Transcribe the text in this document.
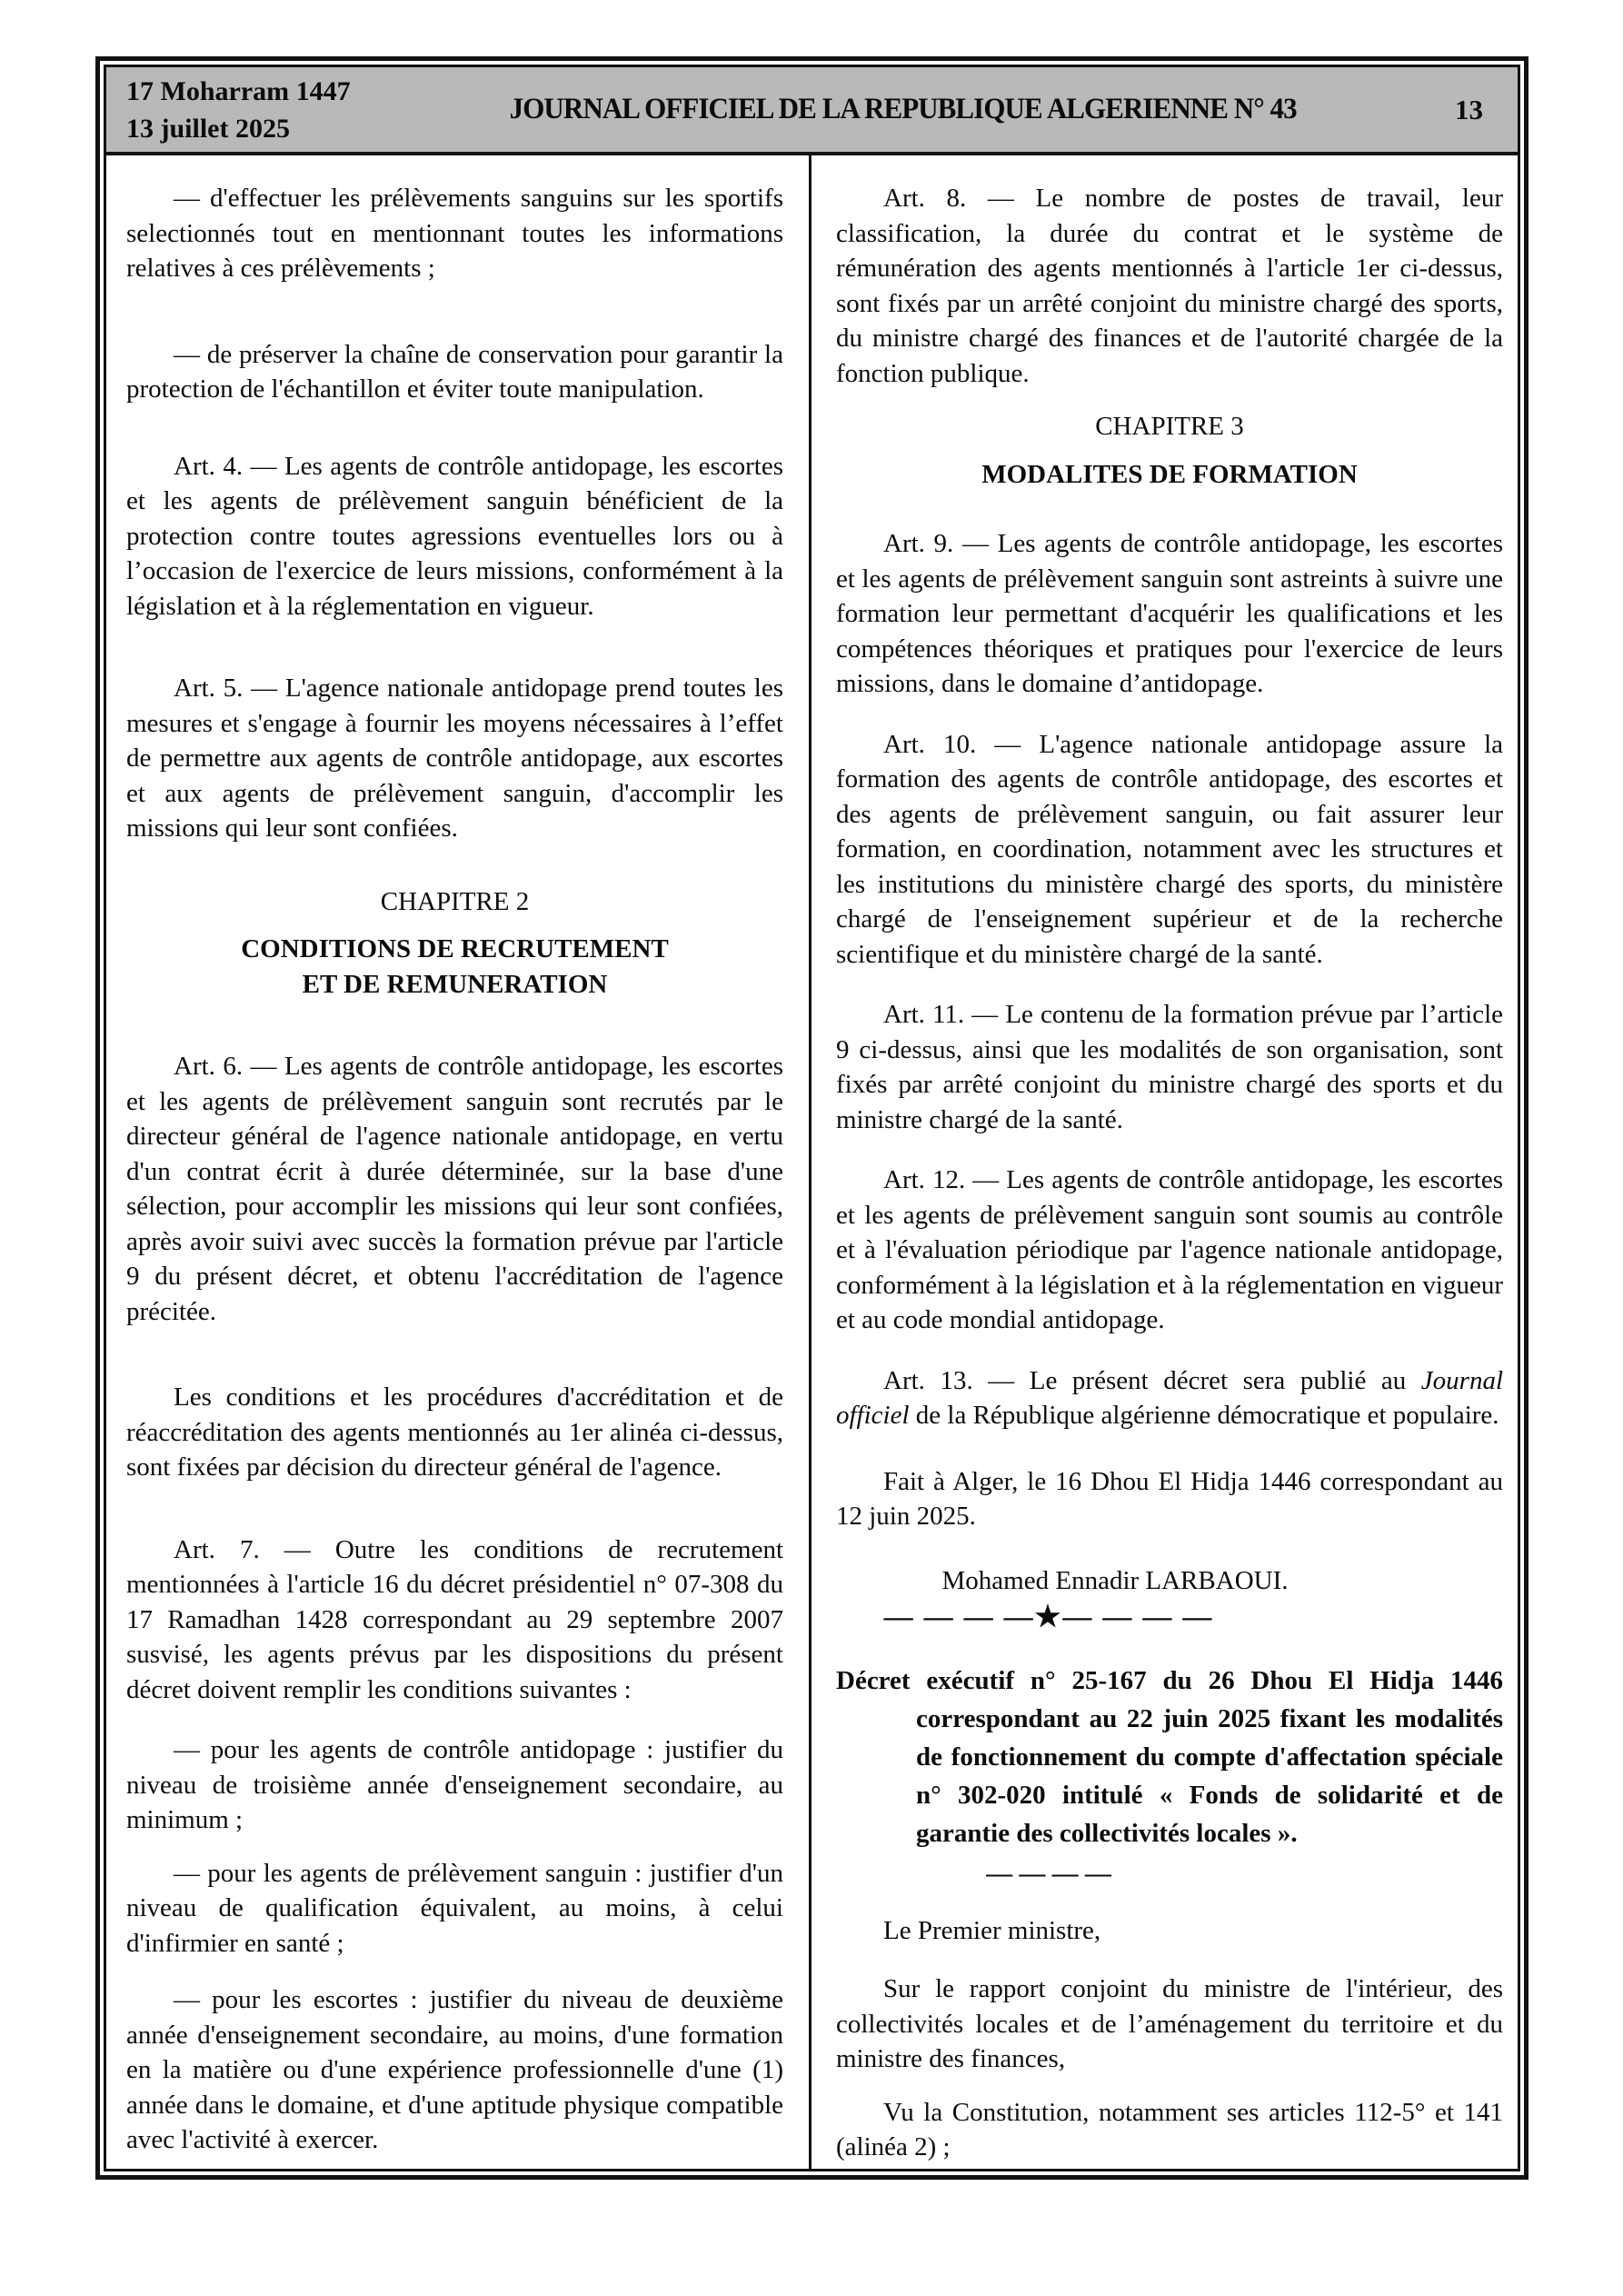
17 Moharram 1447
13 juillet 2025
JOURNAL OFFICIEL DE LA REPUBLIQUE ALGERIENNE N° 43	13

— d'effectuer les prélèvements sanguins sur les sportifs selectionnés tout en mentionnant toutes les informations relatives à ces prélèvements ;

— de préserver la chaîne de conservation pour garantir la protection de l'échantillon et éviter toute manipulation.

Art. 4. — Les agents de contrôle antidopage, les escortes et les agents de prélèvement sanguin bénéficient de la protection contre toutes agressions eventuelles lors ou à l’occasion de l'exercice de leurs missions, conformément à la législation et à la réglementation en vigueur.

Art. 5. — L'agence nationale antidopage prend toutes les mesures et s'engage à fournir les moyens nécessaires à l’effet de permettre aux agents de contrôle antidopage, aux escortes et aux agents de prélèvement sanguin, d'accomplir les missions qui leur sont confiées.

CHAPITRE 2

CONDITIONS DE RECRUTEMENT
ET DE REMUNERATION

Art. 6. — Les agents de contrôle antidopage, les escortes et les agents de prélèvement sanguin sont recrutés par le directeur général de l'agence nationale antidopage, en vertu d'un contrat écrit à durée déterminée, sur la base d'une sélection, pour accomplir les missions qui leur sont confiées, après avoir suivi avec succès la formation prévue par l'article 9 du présent décret, et obtenu l'accréditation de l'agence précitée.

Les conditions et les procédures d'accréditation et de réaccréditation des agents mentionnés au 1er alinéa ci-dessus, sont fixées par décision du directeur général de l'agence.

Art. 7. — Outre les conditions de recrutement mentionnées à l'article 16 du décret présidentiel n° 07-308 du 17 Ramadhan 1428 correspondant au 29 septembre 2007 susvisé, les agents prévus par les dispositions du présent décret doivent remplir les conditions suivantes :

— pour les agents de contrôle antidopage : justifier du niveau de troisième année d'enseignement secondaire, au minimum ;

— pour les agents de prélèvement sanguin : justifier d'un niveau de qualification équivalent, au moins, à celui d'infirmier en santé ;

— pour les escortes : justifier du niveau de deuxième année d'enseignement secondaire, au moins, d'une formation en la matière ou d'une expérience professionnelle d'une (1) année dans le domaine, et d'une aptitude physique compatible avec l'activité à exercer.

Art. 8. — Le nombre de postes de travail, leur classification, la durée du contrat et le système de rémunération des agents mentionnés à l'article 1er ci-dessus, sont fixés par un arrêté conjoint du ministre chargé des sports, du ministre chargé des finances et de l'autorité chargée de la fonction publique.

CHAPITRE 3

MODALITES DE FORMATION

Art. 9. — Les agents de contrôle antidopage, les escortes et les agents de prélèvement sanguin sont astreints à suivre une formation leur permettant d'acquérir les qualifications et les compétences théoriques et pratiques pour l'exercice de leurs missions, dans le domaine d’antidopage.

Art. 10. — L'agence nationale antidopage assure la formation des agents de contrôle antidopage, des escortes et des agents de prélèvement sanguin, ou fait assurer leur formation, en coordination, notamment avec les structures et les institutions du ministère chargé des sports, du ministère chargé de l'enseignement supérieur et de la recherche scientifique et du ministère chargé de la santé.

Art. 11. — Le contenu de la formation prévue par l’article 9 ci-dessus, ainsi que les modalités de son organisation, sont fixés par arrêté conjoint du ministre chargé des sports et du ministre chargé de la santé.

Art. 12. — Les agents de contrôle antidopage, les escortes et les agents de prélèvement sanguin sont soumis au contrôle et à l'évaluation périodique par l'agence nationale antidopage, conformément à la législation et à la réglementation en vigueur et au code mondial antidopage.

Art. 13. — Le présent décret sera publié au Journal officiel de la République algérienne démocratique et populaire.

Fait à Alger, le 16 Dhou El Hidja 1446 correspondant au 12 juin 2025.

Mohamed Ennadir LARBAOUI.

— — — —★— — — —

Décret exécutif n° 25-167 du 26 Dhou El Hidja 1446 correspondant au 22 juin 2025 fixant les modalités de fonctionnement du compte d'affectation spéciale n° 302-020 intitulé « Fonds de solidarité et de garantie des collectivités locales ».

— — — —

Le Premier ministre,

Sur le rapport conjoint du ministre de l'intérieur, des collectivités locales et de l’aménagement du territoire et du ministre des finances,

Vu la Constitution, notamment ses articles 112-5° et 141 (alinéa 2) ;
